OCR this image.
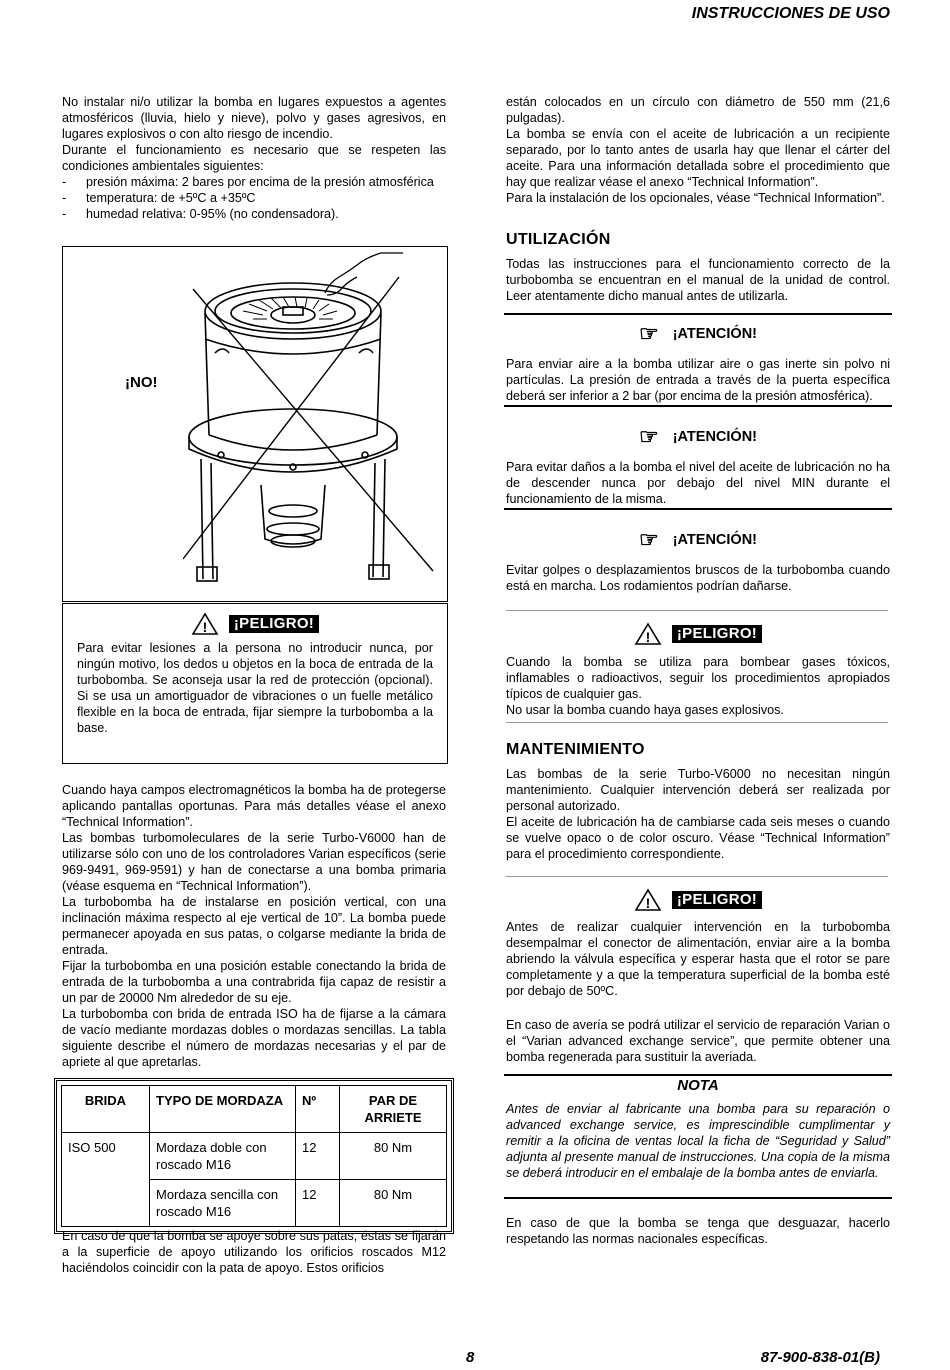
INSTRUCCIONES DE USO

No instalar ni/o utilizar la bomba en lugares expuestos a agentes atmosféricos (lluvia, hielo y nieve), polvo y gases agresivos, en lugares explosivos o con alto riesgo de incendio.

Durante el funcionamiento es necesario que se respeten las condiciones ambientales siguientes:

-	presión máxima: 2 bares por encima de la presión atmosférica
-	temperatura: de +5ºC a +35ºC
-	humedad relativa: 0-95% (no condensadora).
¡NO!
!	¡PELIGRO!

Para evitar lesiones a la persona no introducir nunca, por ningún motivo, los dedos u objetos en la boca de entrada de la turbobomba. Se aconseja usar la red de protección (opcional). Si se usa un amortiguador de vibraciones o un fuelle metálico flexible en la boca de entrada, fijar siempre la turbobomba a la base.

Cuando haya campos electromagnéticos la bomba ha de protegerse aplicando pantallas oportunas. Para más detalles véase el anexo “Technical Information”.

Las bombas turbomoleculares de la serie Turbo-V6000 han de utilizarse sólo con uno de los controladores Varian específicos (serie 969-9491, 969-9591) y han de conectarse a una bomba primaria (véase esquema en “Technical Information”).

La turbobomba ha de instalarse en posición vertical, con una inclinación máxima respecto al eje vertical de 10”. La bomba puede permanecer apoyada en sus patas, o colgarse mediante la brida de entrada.

Fijar la turbobomba en una posición estable conectando la brida de entrada de la turbobomba a una contrabrida fija capaz de resistir a un par de 20000 Nm alrededor de su eje.

La turbobomba con brida de entrada ISO ha de fijarse a la cámara de vacío mediante mordazas dobles o mordazas sencillas. La tabla siguiente describe el número de mordazas necesarias y el par de apriete al que apretarlas.

BRIDA	TYPO DE MORDAZA	Nº	PAR DE ARRIETE
ISO 500	Mordaza doble con roscado M16	12	80 Nm
	Mordaza sencilla con roscado M16	12	80 Nm

En caso de que la bomba se apoye sobre sus patas, éstas se fijarán a la superficie de apoyo utilizando los orificios roscados M12 haciéndolos coincidir con la pata de apoyo. Estos orificios

están colocados en un círculo con diámetro de 550 mm (21,6 pulgadas).

La bomba se envía con el aceite de lubricación a un recipiente separado, por lo tanto antes de usarla hay que llenar el cárter del aceite. Para una información detallada sobre el procedimiento que hay que realizar véase el anexo “Technical Information”.

Para la instalación de los opcionales, véase “Technical Information”.

UTILIZACIÓN

Todas las instrucciones para el funcionamiento correcto de la turbobomba se encuentran en el manual de la unidad de control. Leer atentamente dicho manual antes de utilizarla.

☞ ¡ATENCIÓN!

Para enviar aire a la bomba utilizar aire o gas inerte sin polvo ni partículas. La presión de entrada a través de la puerta específica deberá ser inferior a 2 bar (por encima de la presión atmosférica).

☞ ¡ATENCIÓN!

Para evitar daños a la bomba el nivel del aceite de lubricación no ha de descender nunca por debajo del nivel MIN durante el funcionamiento de la misma.

☞ ¡ATENCIÓN!

Evitar golpes o desplazamientos bruscos de la turbobomba cuando está en marcha. Los rodamientos podrían dañarse.

!	¡PELIGRO!

Cuando la bomba se utiliza para bombear gases tóxicos, inflamables o radioactivos, seguir los procedimientos apropiados típicos de cualquier gas.

No usar la bomba cuando haya gases explosivos.

MANTENIMIENTO

Las bombas de la serie Turbo-V6000 no necesitan ningún mantenimiento. Cualquier intervención deberá ser realizada por personal autorizado.

El aceite de lubricación ha de cambiarse cada seis meses o cuando se vuelve opaco o de color oscuro. Véase “Technical Information” para el procedimiento correspondiente.

!	¡PELIGRO!

Antes de realizar cualquier intervención en la turbobomba desempalmar el conector de alimentación, enviar aire a la bomba abriendo la válvula específica y esperar hasta que el rotor se pare completamente y a que la temperatura superficial de la bomba esté por debajo de 50ºC.

En caso de avería se podrá utilizar el servicio de reparación Varian o el “Varian advanced exchange service”, que permite obtener una bomba regenerada para sustituir la averiada.

NOTA

Antes de enviar al fabricante una bomba para su reparación o advanced exchange service, es imprescindible cumplimentar y remitir a la oficina de ventas local la ficha de “Seguridad y Salud” adjunta al presente manual de instrucciones. Una copia de la misma se deberá introducir en el embalaje de la bomba antes de enviarla.

En caso de que la bomba se tenga que desguazar, hacerlo respetando las normas nacionales específicas.

8	87-900-838-01(B)
